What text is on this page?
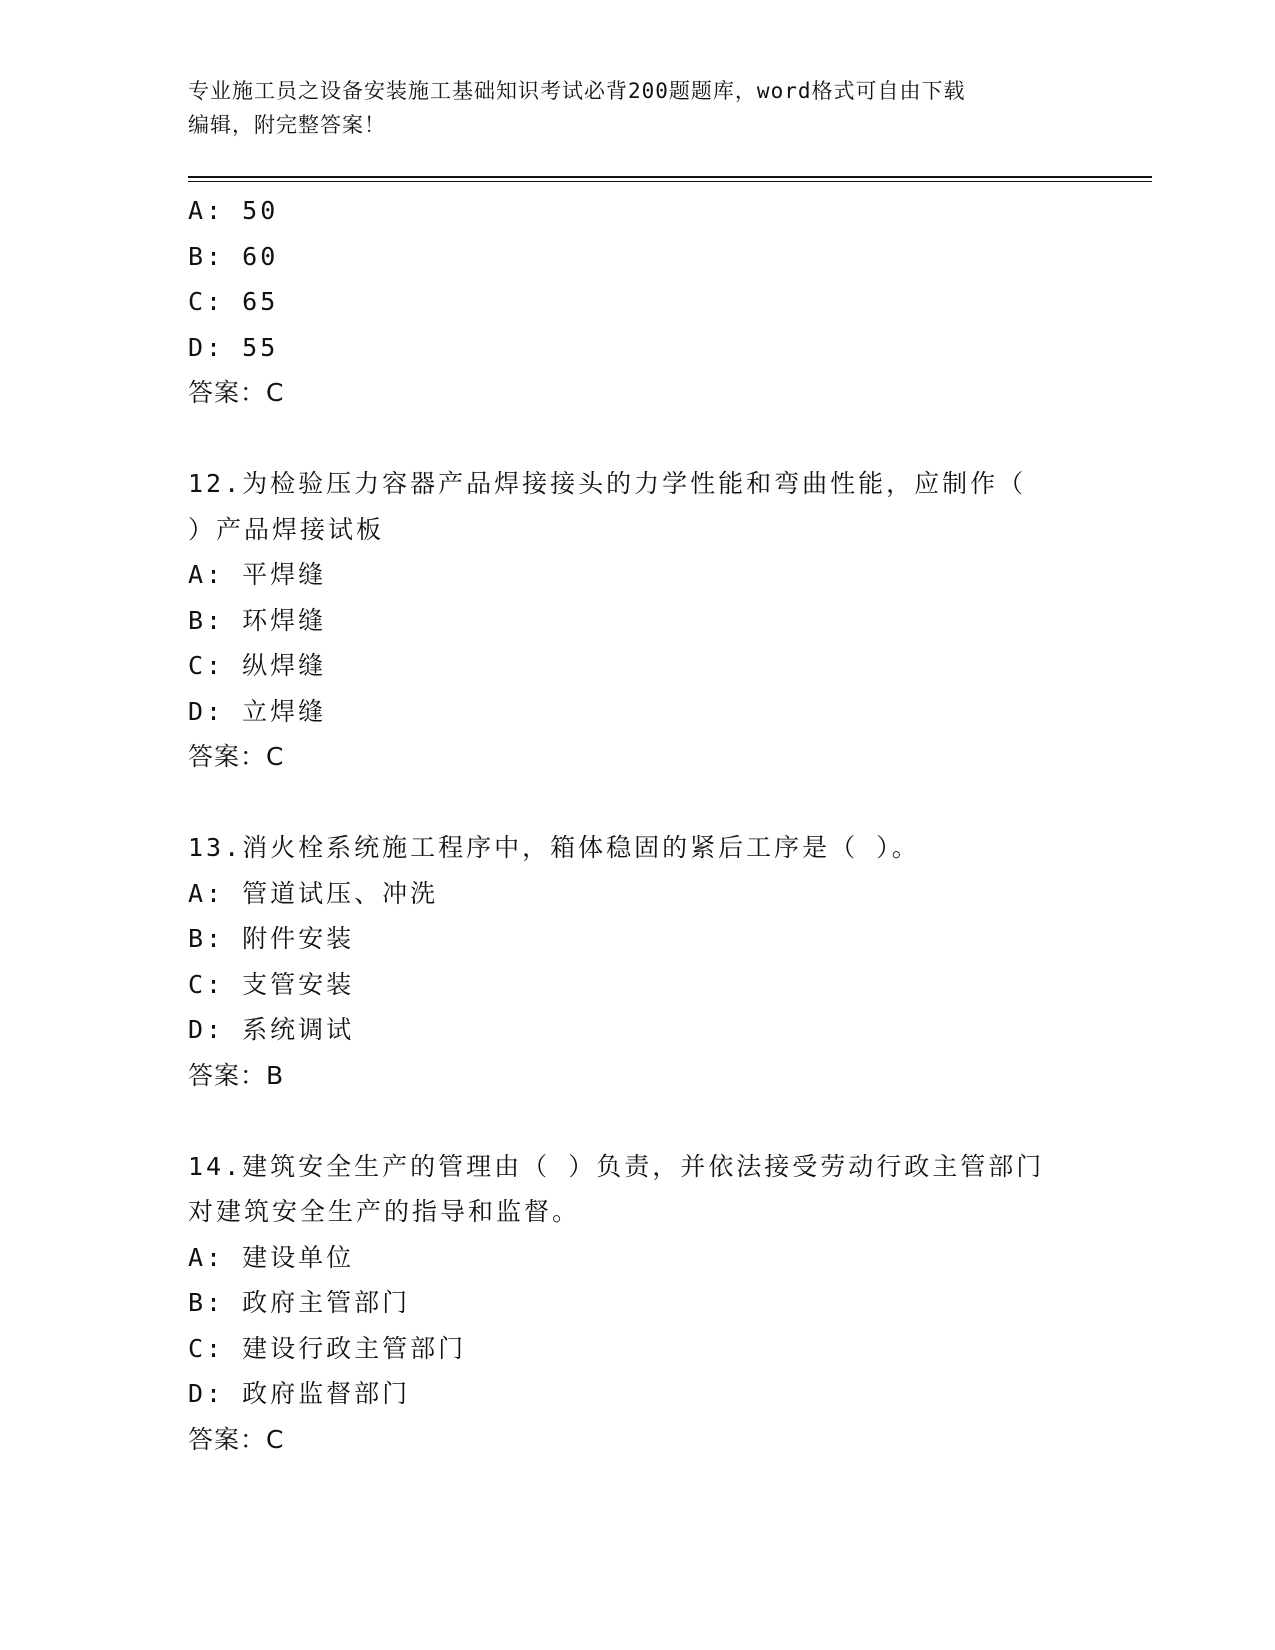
专业施工员之设备安装施工基础知识考试必背200题题库，word格式可自由下载
编辑，附完整答案！
A: 50
B: 60
C: 65
D: 55
答案：C
12.为检验压力容器产品焊接接头的力学性能和弯曲性能，应制作（
）产品焊接试板
A: 平焊缝
B: 环焊缝
C: 纵焊缝
D: 立焊缝
答案：C
13.消火栓系统施工程序中，箱体稳固的紧后工序是（ ）。
A: 管道试压、冲洗
B: 附件安装
C: 支管安装
D: 系统调试
答案：B
14.建筑安全生产的管理由（ ）负责，并依法接受劳动行政主管部门
对建筑安全生产的指导和监督。
A: 建设单位
B: 政府主管部门
C: 建设行政主管部门
D: 政府监督部门
答案：C
